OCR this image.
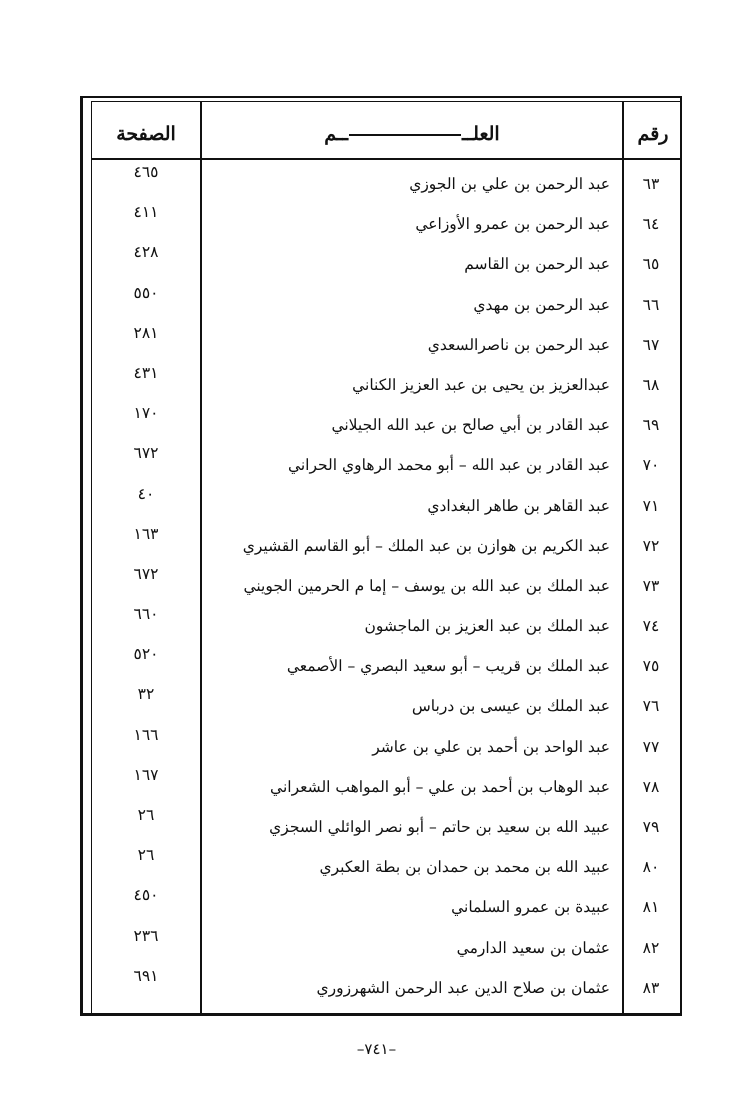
الصفحة	العلــــم	رقم
٦٣
عبد الرحمن بن علي بن الجوزي
٤٦٥
٦٤
عبد الرحمن بن عمرو الأوزاعي
٤١١
٦٥
عبد الرحمن بن القاسم
٤٢٨
٦٦
عبد الرحمن بن مهدي
٥٥٠
٦٧
عبد الرحمن بن ناصرالسعدي
٢٨١
٦٨
عبدالعزيز بن يحيى بن عبد العزيز الكناني
٤٣١
٦٩
عبد القادر بن أبي صالح بن عبد الله الجيلاني
١٧٠
٧٠
عبد القادر بن عبد الله – أبو محمد الرهاوي الحراني
٦٧٢
٧١
عبد القاهر بن طاهر البغدادي
٤٠
٧٢
عبد الكريم بن هوازن بن عبد الملك – أبو القاسم القشيري
١٦٣
٧٣
عبد الملك بن عبد الله بن يوسف – إما م الحرمين الجويني
٦٧٢
٧٤
عبد الملك بن عبد العزيز بن الماجشون
٦٦٠
٧٥
عبد الملك بن قريب – أبو سعيد البصري – الأصمعي
٥٢٠
٧٦
عبد الملك بن عيسى بن درباس
٣٢
٧٧
عبد الواحد بن أحمد بن علي بن عاشر
١٦٦
٧٨
عبد الوهاب بن أحمد بن علي – أبو المواهب الشعراني
١٦٧
٧٩
عبيد الله بن سعيد بن حاتم – أبو نصر الوائلي السجزي
٢٦
٨٠
عبيد الله بن محمد بن حمدان بن بطة العكبري
٢٦
٨١
عبيدة بن عمرو السلماني
٤٥٠
٨٢
عثمان بن سعيد الدارمي
٢٣٦
٨٣
عثمان بن صلاح الدين عبد الرحمن الشهرزوري
٦٩١
–٧٤١–
